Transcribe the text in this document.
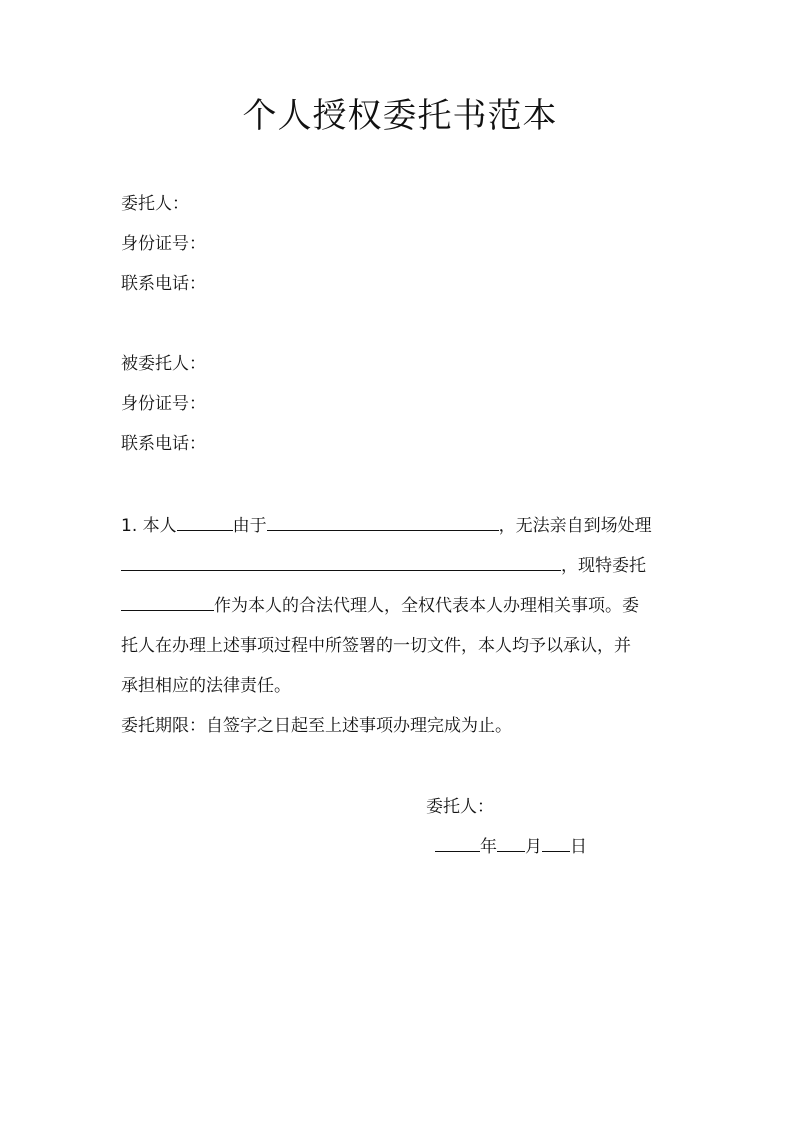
个人授权委托书范本
委托人：
身份证号：
联系电话：
被委托人：
身份证号：
联系电话：
1. 本人	由于	，无法亲自到场处理
，现特委托
作为本人的合法代理人，全权代表本人办理相关事项。委
托人在办理上述事项过程中所签署的一切文件，本人均予以承认，并
承担相应的法律责任。
委托期限：自签字之日起至上述事项办理完成为止。
委托人：
年 月 日
